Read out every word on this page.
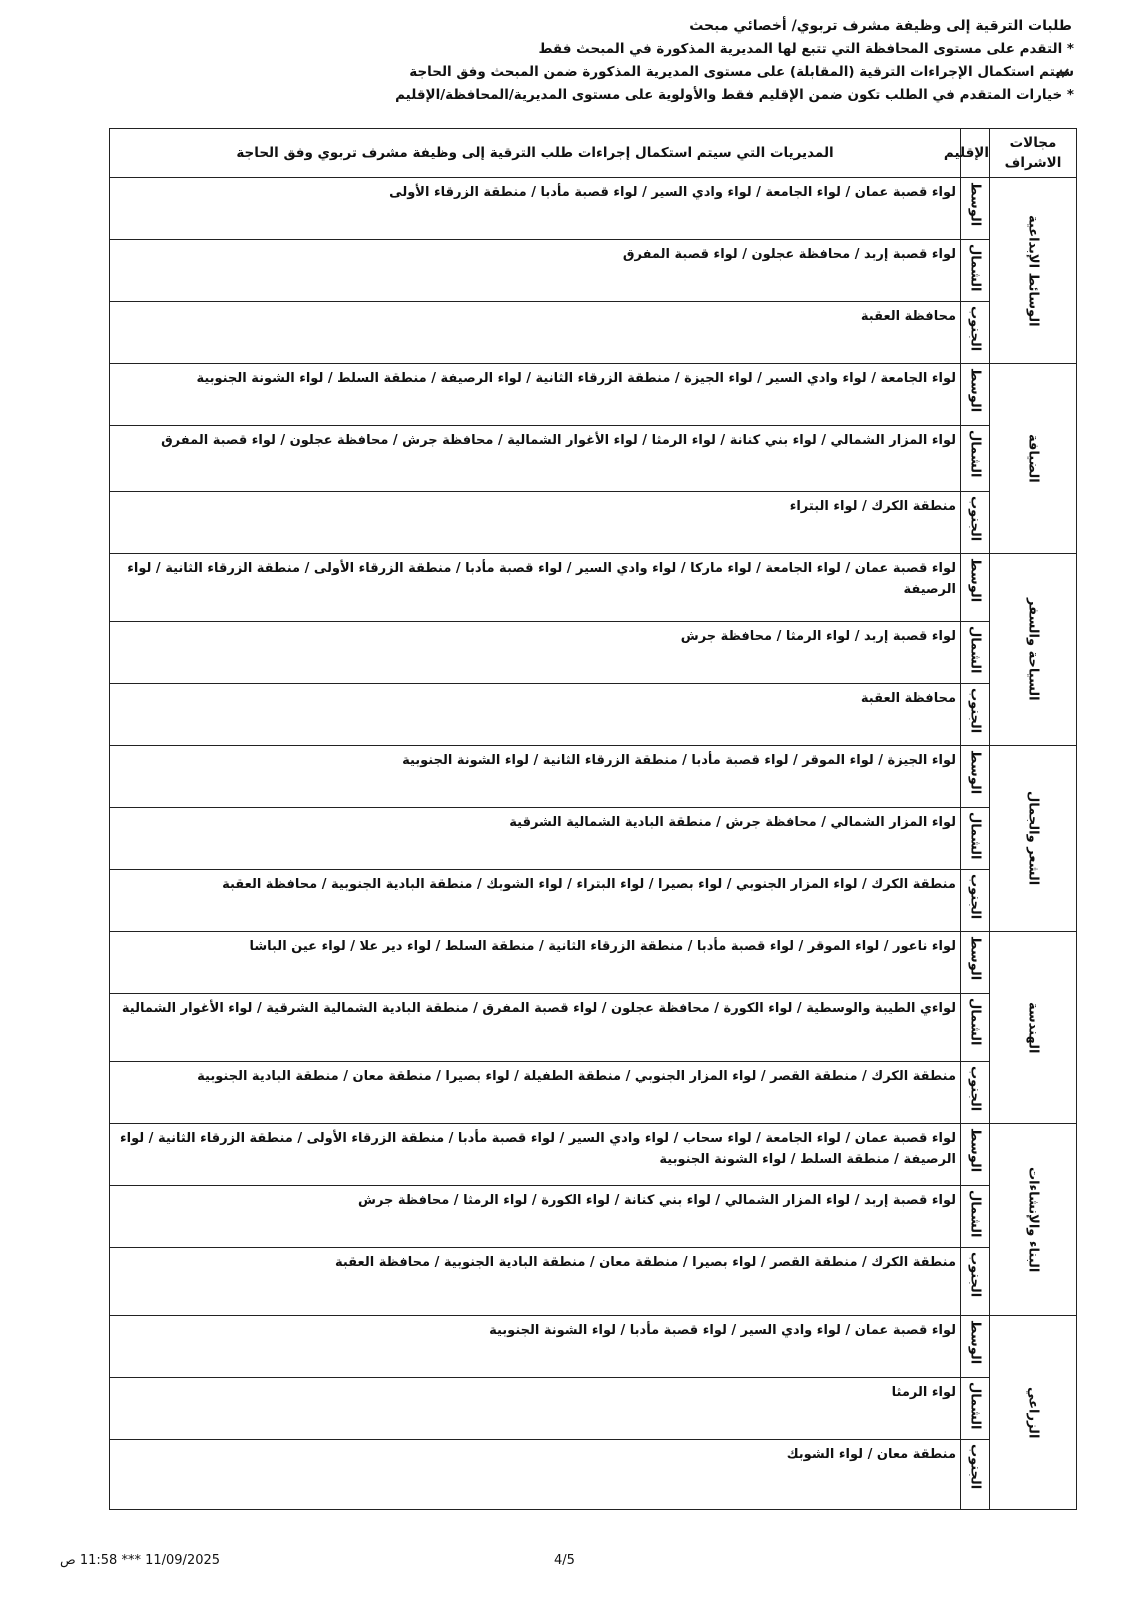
طلبات الترقية إلى وظيفة مشرف تربوي/ أخصائي مبحث
* التقدم على مستوى المحافظة التي تتبع لها المديرية المذكورة في المبحث فقط
سيتم استكمال الإجراءات الترقية (المقابلة) على مستوى المديرية المذكورة ضمن المبحث وفق الحاجة
* خيارات المتقدم في الطلب تكون ضمن الإقليم فقط والأولوية على مستوى المديرية/المحافظة/الإقليم
مجالات الاشراف	الإقليم	المديريات التي سيتم استكمال إجراءات طلب الترقية إلى وظيفة مشرف تربوي وفق الحاجة

الوسائط الإبداعية	الوسط	لواء قصبة عمان / لواء الجامعة / لواء وادي السير / لواء قصبة مأدبا / منطقة الزرقاء الأولى

	الشمال	لواء قصبة إربد / محافظة عجلون / لواء قصبة المفرق

	الجنوب	محافظة العقبة

الضيافة	الوسط	لواء الجامعة / لواء وادي السير / لواء الجيزة / منطقة الزرقاء الثانية / لواء الرصيفة / منطقة السلط / لواء الشونة الجنوبية

	الشمال	لواء المزار الشمالي / لواء بني كنانة / لواء الرمثا / لواء الأغوار الشمالية / محافظة جرش / محافظة عجلون / لواء قصبة المفرق

	الجنوب	منطقة الكرك / لواء البتراء

السياحة والسفر	الوسط	لواء قصبة عمان / لواء الجامعة / لواء ماركا / لواء وادي السير / لواء قصبة مأدبا / منطقة الزرقاء الأولى / منطقة الزرقاء الثانية / لواء الرصيفة

	الشمال	لواء قصبة إربد / لواء الرمثا / محافظة جرش

	الجنوب	محافظة العقبة

الشعر والجمال	الوسط	لواء الجيزة / لواء الموقر / لواء قصبة مأدبا / منطقة الزرقاء الثانية / لواء الشونة الجنوبية

	الشمال	لواء المزار الشمالي / محافظة جرش / منطقة البادية الشمالية الشرقية

	الجنوب	منطقة الكرك / لواء المزار الجنوبي / لواء بصيرا / لواء البتراء / لواء الشوبك / منطقة البادية الجنوبية / محافظة العقبة

الهندسة	الوسط	لواء ناعور / لواء الموقر / لواء قصبة مأدبا / منطقة الزرقاء الثانية / منطقة السلط / لواء دير علا / لواء عين الباشا

	الشمال	لواءي الطيبة والوسطية / لواء الكورة / محافظة عجلون / لواء قصبة المفرق / منطقة البادية الشمالية الشرقية / لواء الأغوار الشمالية

	الجنوب	منطقة الكرك / منطقة القصر / لواء المزار الجنوبي / منطقة الطفيلة / لواء بصيرا / منطقة معان / منطقة البادية الجنوبية

البناء والإنشاءات	الوسط	لواء قصبة عمان / لواء الجامعة / لواء سحاب / لواء وادي السير / لواء قصبة مأدبا / منطقة الزرقاء الأولى / منطقة الزرقاء الثانية / لواء الرصيفة / منطقة السلط / لواء الشونة الجنوبية

	الشمال	لواء قصبة إربد / لواء المزار الشمالي / لواء بني كنانة / لواء الكورة / لواء الرمثا / محافظة جرش

	الجنوب	منطقة الكرك / منطقة القصر / لواء بصيرا / منطقة معان / منطقة البادية الجنوبية / محافظة العقبة

الزراعي	الوسط	لواء قصبة عمان / لواء وادي السير / لواء قصبة مأدبا / لواء الشونة الجنوبية

	الشمال	لواء الرمثا

	الجنوب	منطقة معان / لواء الشوبك
4/5
11/09/2025 *** 11:58 ص
